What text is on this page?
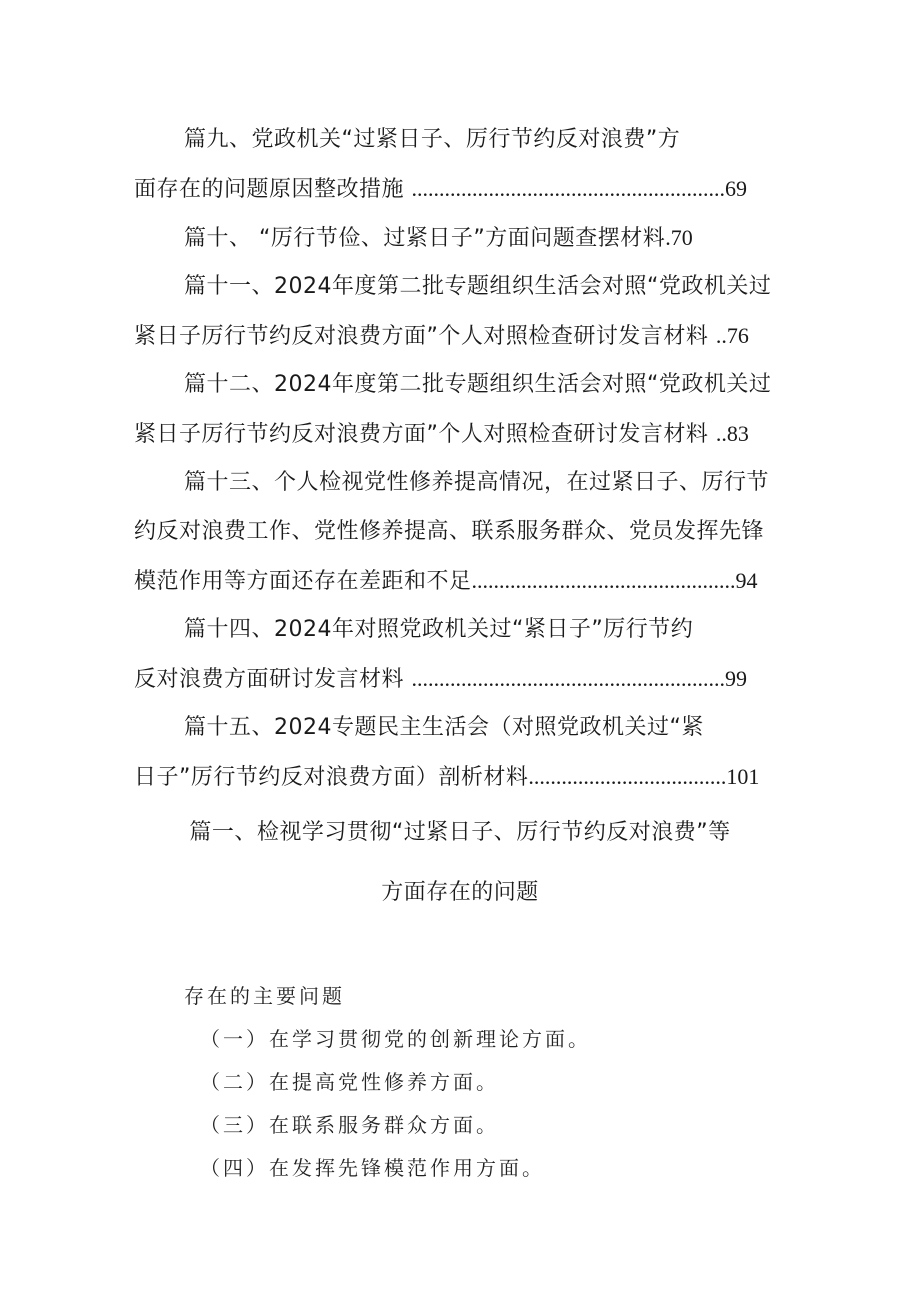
篇九、党政机关“过紧日子、厉行节约反对浪费”方
面存在的问题原因整改措施 .........................................................69
篇十、 “厉行节俭、过紧日子”方面问题查摆材料.70
篇十一、2024年度第二批专题组织生活会对照“党政机关过
紧日子厉行节约反对浪费方面”个人对照检查研讨发言材料 ..76
篇十二、2024年度第二批专题组织生活会对照“党政机关过
紧日子厉行节约反对浪费方面”个人对照检查研讨发言材料 ..83
篇十三、个人检视党性修养提高情况，在过紧日子、厉行节
约反对浪费工作、党性修养提高、联系服务群众、党员发挥先锋
模范作用等方面还存在差距和不足................................................94
篇十四、2024年对照党政机关过“紧日子”厉行节约
反对浪费方面研讨发言材料 .........................................................99
篇十五、2024专题民主生活会（对照党政机关过“紧
日子”厉行节约反对浪费方面）剖析材料....................................101
篇一、检视学习贯彻“过紧日子、厉行节约反对浪费”等
方面存在的问题
存在的主要问题
（一）在学习贯彻党的创新理论方面。
（二）在提高党性修养方面。
（三）在联系服务群众方面。
（四）在发挥先锋模范作用方面。
